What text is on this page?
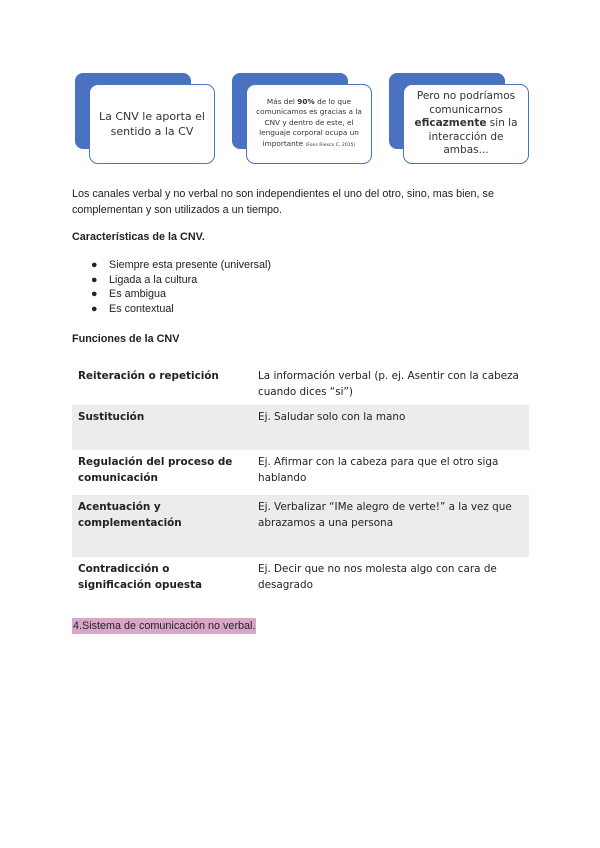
La CNV le aporta el sentido a la CV
Más del 90% de lo que comunicamos es gracias a la CNV y dentro de este, el lenguaje corporal ocupa un importante (Fons Riesco C, 2015)
Pero no podríamos comunicarnos eficazmente sin la interacción de ambas...
Los canales verbal y no verbal no son independientes el uno del otro, sino, mas bien, se complementan y son utilizados a un tiempo.
Características de la CNV.
● Siempre esta presente (universal)
● Ligada a la cultura
● Es ambigua
● Es contextual
Funciones de la CNV
Reiteración o repetición	La información verbal (p. ej. Asentir con la cabeza cuando dices “si”)
Sustitución	Ej. Saludar solo con la mano
Regulación del proceso de comunicación	Ej. Afirmar con la cabeza para que el otro siga hablando
Acentuación y complementación	Ej. Verbalizar “IMe alegro de verte!” a la vez que abrazamos a una persona
Contradicción o significación opuesta	Ej. Decir que no nos molesta algo con cara de desagrado
4.Sistema de comunicación no verbal.
